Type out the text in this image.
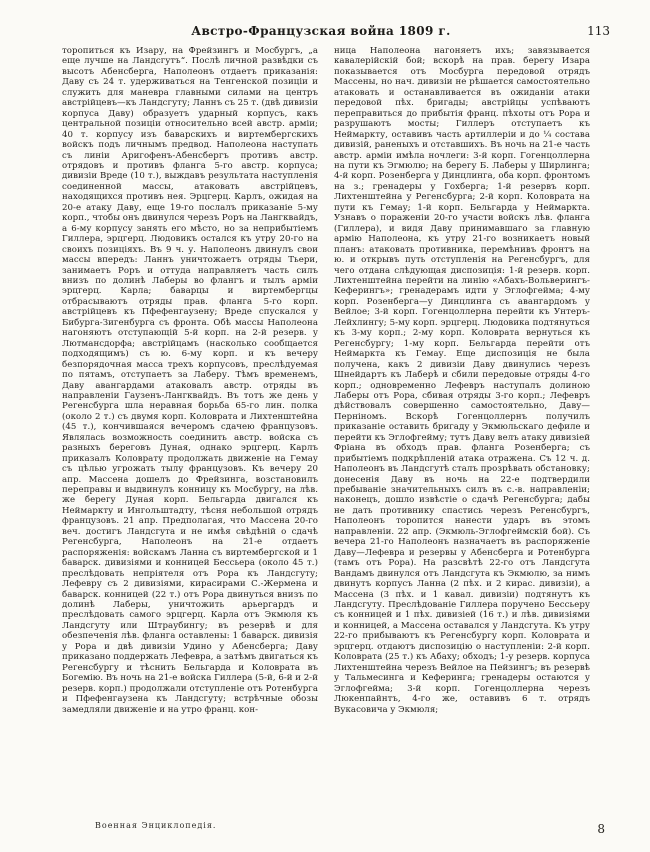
Австро-Французская война 1809 г.	113
торопиться къ Изару, на Фрейзингъ и Мосбургъ, „а еще лучше на Ландсгутъ“. Послѣ личной развѣдки съ высотъ Абенсберга, Наполеонъ отдаетъ приказанія: Даву съ 24 т. удерживаться на Тенгенской позиціи и служить для маневра главными силами на центръ австрійцевъ—къ Ландсгуту; Ланнъ съ 25 т. (двѣ дивизіи корпуса Даву) образуетъ ударный корпусъ, какъ центральной позиціи относительно всей австр. арміи; 40 т. корпусу изъ баварскихъ и виртембергскихъ войскъ подъ личнымъ предвод. Наполеона наступать съ линіи Аригофенъ-Абенсбергъ противъ австр. отрядовъ и противъ фланга 5-го австр. корпуса; дивизіи Вреде (10 т.), выждавъ результата наступленія соединенной массы, атаковать австрійцевъ, находящихся противъ нея. Эрцгерц. Карлъ, ожидая на 20-е атаку Даву, еще 19-го послалъ приказаніе 5-му корп., чтобы онъ двинулся черезъ Роръ на Лангквайдъ, а 6-му корпусу занять его мѣсто, но за неприбытіемъ Гиллера, эрцгерц. Людовикъ остался къ утру 20-го на своихъ позиціяхъ. Въ 9 ч. у. Наполеонъ двинулъ свои массы впередъ: Ланнъ уничтожаетъ отряды Тьери, занимаетъ Роръ и оттуда направляетъ часть силъ внизъ по долинѣ Лаберы во флангъ и тылъ арміи эрцгерц. Карла; баварцы и виртембергцы отбрасываютъ отряды прав. фланга 5-го корп. австрійцевъ къ Пфефенгаузену; Вреде спускался у Бибурга-Зигенбурга съ фронта. Обѣ массы Наполеона нагоняютъ отступающій 5-й корп. на 2-й резерв. у Лютмансдорфа; австрійцамъ (насколько сообщается подходящимъ) съ ю. 6-му корп. и къ вечеру безпорядочная масса трехъ корпусовъ, преслѣдуемая по пятамъ, отступаетъ за Лаберу. Тѣмъ временемъ, Даву авангардами атаковалъ австр. отряды въ направленіи Гаузенъ-Лангквайдъ. Въ тотъ же день у Регенсбурга шла неравная борьба 65-го лин. полка (около 2 т.) съ двумя корп. Коловрата и Лихтенштейна (45 т.), кончившаяся вечеромъ сдачею французовъ. Являлась возможность соединить австр. войска съ разныхъ береговъ Дуная, однако эрцгерц. Карлъ приказалъ Коловрату продолжать движеніе на Гемау съ цѣлью угрожать тылу французовъ. Къ вечеру 20 апр. Массена дошелъ до Фрейзинга, возстановилъ переправы и выдвинулъ конницу къ Мосбургу, на лѣв. же берегу Дуная корп. Бельгарда двигался къ Неймаркту и Ингольштадту, тѣсня небольшой отрядъ французовъ. 21 апр. Предполагая, что Массена 20-го веч. достигъ Ландсгута и не имѣя свѣдѣній о сдачѣ Регенсбурга, Наполеонъ на 21-е отдаетъ распоряженія: войскамъ Ланна съ виртембергской и 1 баварск. дивизіями и конницей Бессьера (около 45 т.) преслѣдовать непріятеля отъ Рора къ Ландсгуту; Лефевру съ 2 дивизіями, кирасирами С.-Жермена и баварск. конницей (22 т.) отъ Рора двинуться внизъ по долинѣ Лаберы, уничтожить арьергардъ и преслѣдовать самого эрцгерц. Карла отъ Экмюля къ Ландсгуту или Штраубингу; въ резервѣ и для обезпеченія лѣв. фланга оставлены: 1 баварск. дивизія у Рора и двѣ дивизіи Удино у Абенсберга; Даву приказано поддержать Лефевра, а затѣмъ двигаться къ Регенсбургу и тѣснить Бельгарда и Коловрата въ Богемію. Въ ночь на 21-е войска Гиллера (5-й, 6-й и 2-й резерв. корп.) продолжали отступленіе отъ Ротенбурга и Пфефенгаузена къ Ландсгуту; встрѣчные обозы замедляли движеніе и на утро франц. кон-
ница Наполеона нагоняетъ ихъ; завязывается кавалерійскій бой; вскорѣ на прав. берегу Изара показывается отъ Мосбурга передовой отрядъ Массены, но нач. дивизіи не рѣшается самостоятельно атаковать и останавливается въ ожиданіи атаки передовой пѣх. бригады; австрійцы успѣваютъ переправиться до прибытія франц. пѣхоты отъ Рора и разрушаютъ мосты; Гиллеръ отступаетъ къ Неймаркту, оставивъ часть артиллеріи и до ¼ состава дивизій, раненыхъ и отставшихъ. Въ ночь на 21-е часть австр. арміи имѣла ночлеги: 3-й корп. Гогенцоллерна на пути къ Эгмюлю; на берегу Б. Лаберы у Ширлинга; 4-й корп. Розенберга у Динцлинга, оба корп. фронтомъ на з.; гренадеры у Гохберга; 1-й резервъ корп. Лихтенштейна у Регенсбурга; 2-й корп. Коловрата на пути къ Гемау; 1-й корп. Бельгарда у Неймаркта. Узнавъ о пораженіи 20-го участи войскъ лѣв. фланга (Гиллера), и видя Даву принимавшаго за главную армію Наполеона, къ утру 21-го возникаетъ новый планъ: атаковать противника, перемѣнивъ фронтъ на ю. и открывъ путь отступленія на Регенсбургъ, для чего отдана слѣдующая диспозиція: 1-й резерв. корп. Лихтенштейна перейти на линію «Абахъ-Вольверингъ-Кеферингъ»; гренадерамъ идти у Эглофгейма; 4-му корп. Розенберга—у Динцлинга съ авангардомъ у Вейлое; 3-й корп. Гогенцоллерна перейти къ Унтеръ-Лейхлингу; 5-му корп. эрцгерц. Людовика подтянуться къ 3-му корп.; 2-му корп. Коловрата вернуться къ Регенсбургу; 1-му корп. Бельгарда перейти отъ Неймаркта къ Гемау. Еще диспозиція не была получена, какъ 2 дивизіи Даву двинулись черезъ Шнейдартъ къ Лаберѣ и сбили передовые отряды 4-го корп.; одновременно Лефевръ наступалъ долиною Лаберы отъ Рора, сбивая отряды 3-го корп.; Лефевръ дѣйствовалъ совершенно самостоятельно, Даву—Перніномъ. Вскорѣ Гогенцоллернъ получилъ приказаніе оставить бригаду у Экмюльскаго дефиле и перейти къ Эглофгейму; тутъ Даву велъ атаку дивизіей Фріана въ обходъ прав. фланга Розенберга; съ прибытіемъ подкрѣпленій атака отражена. Съ 12 ч. д. Наполеонъ въ Ландсгутѣ сталъ прозрѣвать обстановку; донесенія Даву въ ночь на 22-е подтвердили пребываніе значительныхъ силъ въ с.-в. направленіи; наконецъ, дошло извѣстіе о сдачѣ Регенсбурга; дабы не дать противнику спастись черезъ Регенсбургъ, Наполеонъ торопится нанести ударъ въ этомъ направленіи. 22 апр. (Экмюль-Эглофгеймскій бой). Съ вечера 21-го Наполеонъ назначаетъ въ распоряженіе Даву—Лефевра и резервы у Абенсберга и Ротенбурга (тамъ отъ Рора). На разсвѣтѣ 22-го отъ Ландсгута Вандамъ двинулся отъ Ландсгута къ Экмюлю, за нимъ двинутъ корпусъ Ланна (2 пѣх. и 2 кирас. дивизіи), а Массена (3 пѣх. и 1 кавал. дивизіи) подтянутъ къ Ландсгуту. Преслѣдованіе Гиллера поручено Бессьеру съ конницей и 1 пѣх. дивизіей (16 т.) и лѣв. дивизіями и конницей, а Массена оставался у Ландсгута. Къ утру 22-го прибываютъ къ Регенсбургу корп. Коловрата и эрцгерц. отдаютъ диспозицію о наступленіи: 2-й корп. Коловрата (25 т.) къ Абаху; обходъ; 1-у резерв. корпуса Лихтенштейна черезъ Вейлое на Пейзингъ; въ резервѣ у Тальмесинга и Кеферинга; гренадеры остаются у Эглофгейма; 3-й корп. Гогенцоллерна черезъ Люкенпайнтъ, 4-го же, оставивъ 6 т. отрядъ Вукасовича у Экмюля;
Военная Энциклопедія.	8
